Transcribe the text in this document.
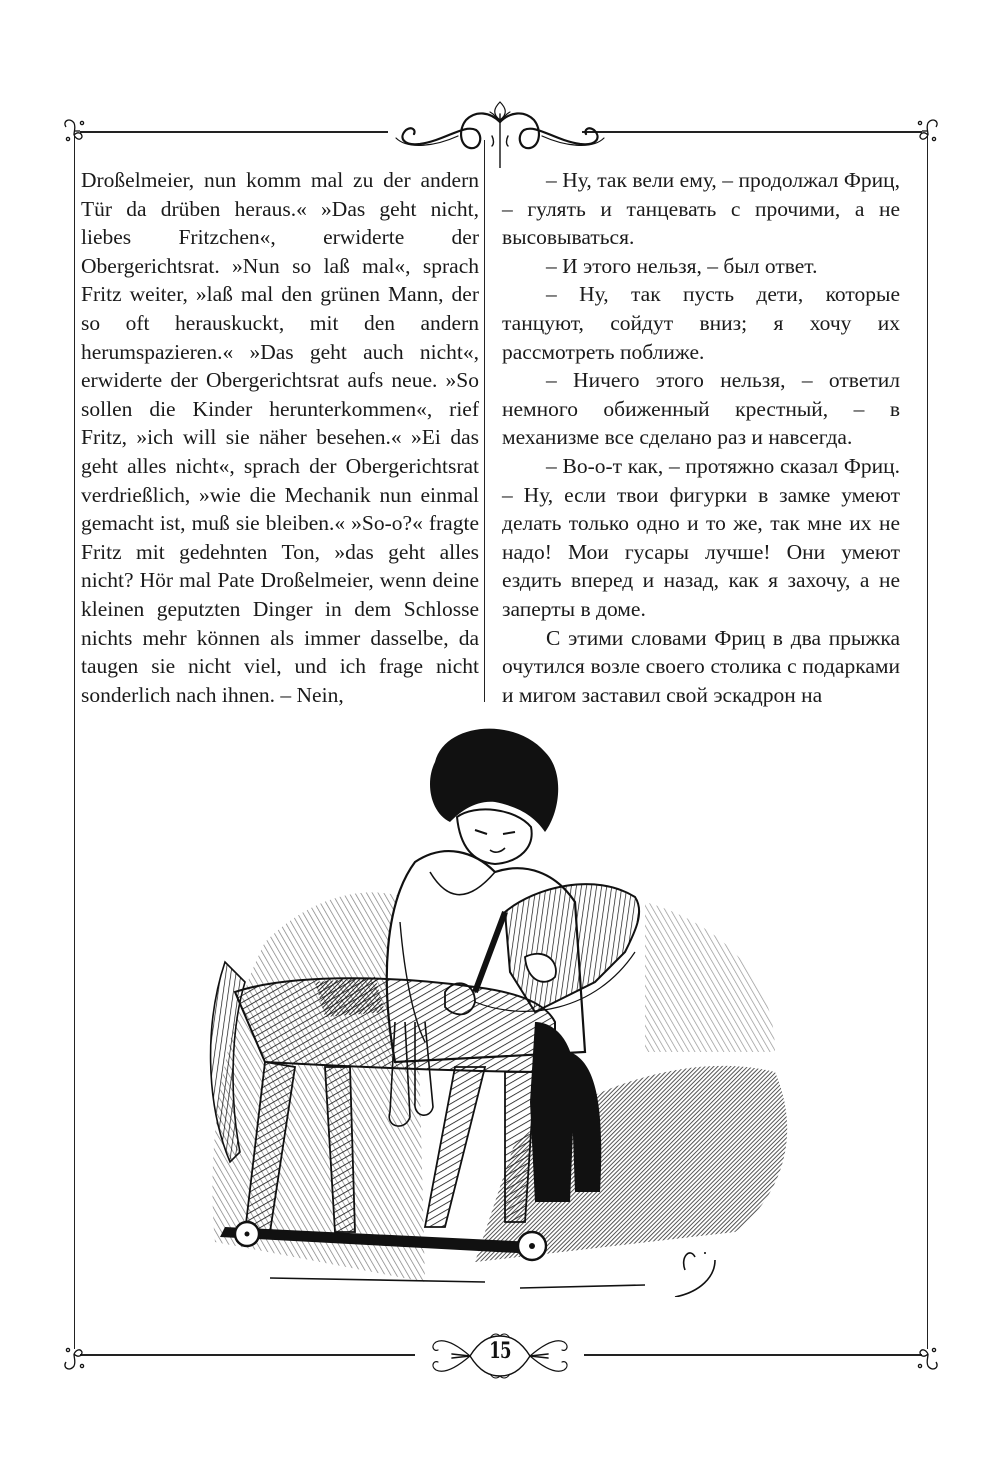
15

Droßelmeier, nun komm mal zu der andern Tür da drüben heraus.« »Das geht nicht, liebes Fritzchen«, erwiderte der Obergerichtsrat. »Nun so laß mal«, sprach Fritz weiter, »laß mal den grünen Mann, der so oft herauskuckt, mit den andern herumspazieren.« »Das geht auch nicht«, erwiderte der Obergerichtsrat aufs neue. »So sollen die Kinder herunterkommen«, rief Fritz, »ich will sie näher besehen.« »Ei das geht alles nicht«, sprach der Obergerichtsrat verdrießlich, »wie die Mechanik nun einmal gemacht ist, muß sie bleiben.« »So-o?« fragte Fritz mit gedehnten Ton, »das geht alles nicht? Hör mal Pate Droßelmeier, wenn deine kleinen geputzten Dinger in dem Schlosse nichts mehr können als immer dasselbe, da taugen sie nicht viel, und ich frage nicht sonderlich nach ihnen. – Nein,

– Ну, так вели ему, – продолжал Фриц, – гулять и танцевать с прочими, а не высовываться.

– И этого нельзя, – был ответ.

– Ну, так пусть дети, которые танцуют, сойдут вниз; я хочу их рассмотреть поближе.

– Ничего этого нельзя, – ответил немного обиженный крестный, – в механизме все сделано раз и навсегда.

– Во-о-т как, – протяжно сказал Фриц. – Ну, если твои фигурки в замке умеют делать только одно и то же, так мне их не надо! Мои гусары лучше! Они умеют ездить вперед и назад, как я захочу, а не заперты в доме.

С этими словами Фриц в два прыжка очутился возле своего столика с подарками и мигом заставил свой эскадрон на
